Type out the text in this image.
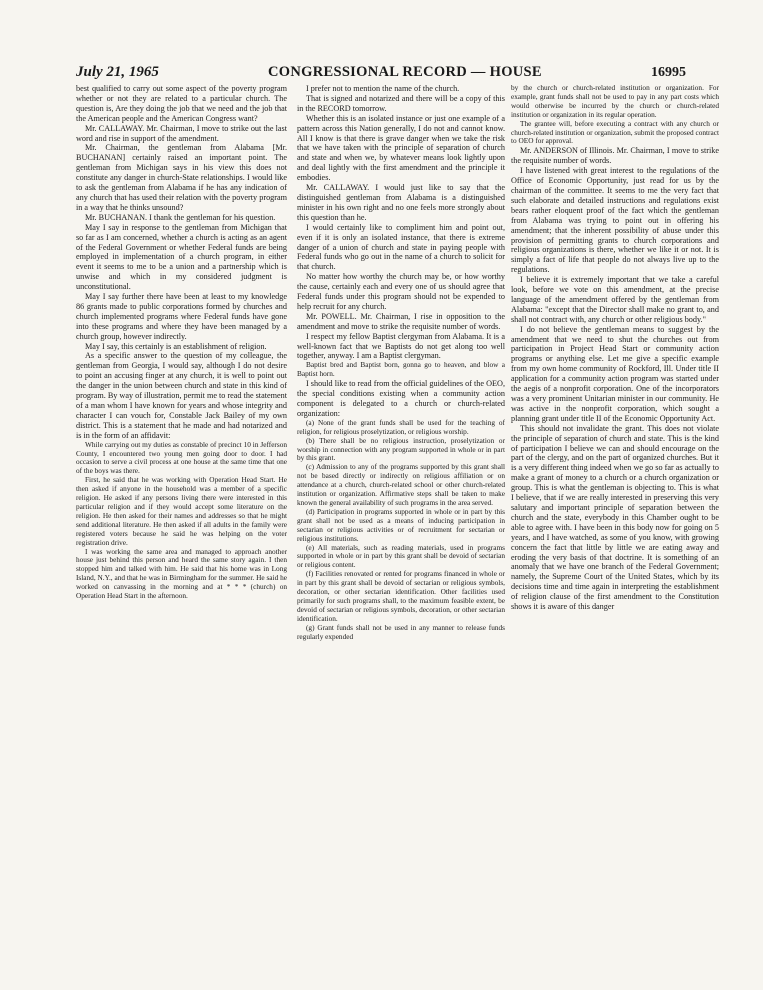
July 21, 1965	CONGRESSIONAL RECORD — HOUSE	16995

best qualified to carry out some aspect of the poverty program whether or not they are related to a particular church. The question is, Are they doing the job that we need and the job that the American people and the American Congress want?

Mr. CALLAWAY. Mr. Chairman, I move to strike out the last word and rise in support of the amendment.

Mr. Chairman, the gentleman from Alabama [Mr. BUCHANAN] certainly raised an important point. The gentleman from Michigan says in his view this does not constitute any danger in church-State relationships. I would like to ask the gentleman from Alabama if he has any indication of any church that has used their relation with the poverty program in a way that he thinks unsound?

Mr. BUCHANAN. I thank the gentleman for his question.

May I say in response to the gentleman from Michigan that so far as I am concerned, whether a church is acting as an agent of the Federal Government or whether Federal funds are being employed in implementation of a church program, in either event it seems to me to be a union and a partnership which is unwise and which in my considered judgment is unconstitutional.

May I say further there have been at least to my knowledge 86 grants made to public corporations formed by churches and church implemented programs where Federal funds have gone into these programs and where they have been managed by a church group, however indirectly.

May I say, this certainly is an establishment of religion.

As a specific answer to the question of my colleague, the gentleman from Georgia, I would say, although I do not desire to point an accusing finger at any church, it is well to point out the danger in the union between church and state in this kind of program. By way of illustration, permit me to read the statement of a man whom I have known for years and whose integrity and character I can vouch for, Constable Jack Bailey of my own district. This is a statement that he made and had notarized and is in the form of an affidavit:

While carrying out my duties as constable of precinct 10 in Jefferson County, I encountered two young men going door to door. I had occasion to serve a civil process at one house at the same time that one of the boys was there.

First, he said that he was working with Operation Head Start. He then asked if anyone in the household was a member of a specific religion. He asked if any persons living there were interested in this particular religion and if they would accept some literature on the religion. He then asked for their names and addresses so that he might send additional literature. He then asked if all adults in the family were registered voters because he said he was helping on the voter registration drive.

I was working the same area and managed to approach another house just behind this person and heard the same story again. I then stopped him and talked with him. He said that his home was in Long Island, N.Y., and that he was in Birmingham for the summer. He said he worked on canvassing in the morning and at * * * (church) on Operation Head Start in the afternoon.

I prefer not to mention the name of the church.

That is signed and notarized and there will be a copy of this in the RECORD tomorrow.

Whether this is an isolated instance or just one example of a pattern across this Nation generally, I do not and cannot know. All I know is that there is grave danger when we take the risk that we have taken with the principle of separation of church and state and when we, by whatever means look lightly upon and deal lightly with the first amendment and the principle it embodies.

Mr. CALLAWAY. I would just like to say that the distinguished gentleman from Alabama is a distinguished minister in his own right and no one feels more strongly about this question than he.

I would certainly like to compliment him and point out, even if it is only an isolated instance, that there is extreme danger of a union of church and state in paying people with Federal funds who go out in the name of a church to solicit for that church.

No matter how worthy the church may be, or how worthy the cause, certainly each and every one of us should agree that Federal funds under this program should not be expended to help recruit for any church.

Mr. POWELL. Mr. Chairman, I rise in opposition to the amendment and move to strike the requisite number of words.

I respect my fellow Baptist clergyman from Alabama. It is a well-known fact that we Baptists do not get along too well together, anyway. I am a Baptist clergyman.

Baptist bred and Baptist born, gonna go to heaven, and blow a Baptist horn.

I should like to read from the official guidelines of the OEO, the special conditions existing when a community action component is delegated to a church or church-related organization:

(a) None of the grant funds shall be used for the teaching of religion, for religious proselytization, or religious worship.

(b) There shall be no religious instruction, proselytization or worship in connection with any program supported in whole or in part by this grant.

(c) Admission to any of the programs supported by this grant shall not be based directly or indirectly on religious affiliation or on attendance at a church, church-related school or other church-related institution or organization. Affirmative steps shall be taken to make known the general availability of such programs in the area served.

(d) Participation in programs supported in whole or in part by this grant shall not be used as a means of inducing participation in sectarian or religious activities or of recruitment for sectarian or religious institutions.

(e) All materials, such as reading materials, used in programs supported in whole or in part by this grant shall be devoid of sectarian or religious content.

(f) Facilities renovated or rented for programs financed in whole or in part by this grant shall be devoid of sectarian or religious symbols, decoration, or other sectarian identification. Other facilities used primarily for such programs shall, to the maximum feasible extent, be devoid of sectarian or religious symbols, decoration, or other sectarian identification.

(g) Grant funds shall not be used in any manner to release funds regularly expended

by the church or church-related institution or organization. For example, grant funds shall not be used to pay in any part costs which would otherwise be incurred by the church or church-related institution or organization in its regular operation.

The grantee will, before executing a contract with any church or church-related institution or organization, submit the proposed contract to OEO for approval.

Mr. ANDERSON of Illinois. Mr. Chairman, I move to strike the requisite number of words.

I have listened with great interest to the regulations of the Office of Economic Opportunity, just read for us by the chairman of the committee. It seems to me the very fact that such elaborate and detailed instructions and regulations exist bears rather eloquent proof of the fact which the gentleman from Alabama was trying to point out in offering his amendment; that the inherent possibility of abuse under this provision of permitting grants to church corporations and religious organizations is there, whether we like it or not. It is simply a fact of life that people do not always live up to the regulations.

I believe it is extremely important that we take a careful look, before we vote on this amendment, at the precise language of the amendment offered by the gentleman from Alabama: "except that the Director shall make no grant to, and shall not contract with, any church or other religious body."

I do not believe the gentleman means to suggest by the amendment that we need to shut the churches out from participation in Project Head Start or community action programs or anything else. Let me give a specific example from my own home community of Rockford, Ill. Under title II application for a community action program was started under the aegis of a nonprofit corporation. One of the incorporators was a very prominent Unitarian minister in our community. He was active in the nonprofit corporation, which sought a planning grant under title II of the Economic Opportunity Act.

This should not invalidate the grant. This does not violate the principle of separation of church and state. This is the kind of participation I believe we can and should encourage on the part of the clergy, and on the part of organized churches. But it is a very different thing indeed when we go so far as actually to make a grant of money to a church or a church organization or group. This is what the gentleman is objecting to. This is what I believe, that if we are really interested in preserving this very salutary and important principle of separation between the church and the state, everybody in this Chamber ought to be able to agree with. I have been in this body now for going on 5 years, and I have watched, as some of you know, with growing concern the fact that little by little we are eating away and eroding the very basis of that doctrine. It is something of an anomaly that we have one branch of the Federal Government; namely, the Supreme Court of the United States, which by its decisions time and time again in interpreting the establishment of religion clause of the first amendment to the Constitution shows it is aware of this danger
